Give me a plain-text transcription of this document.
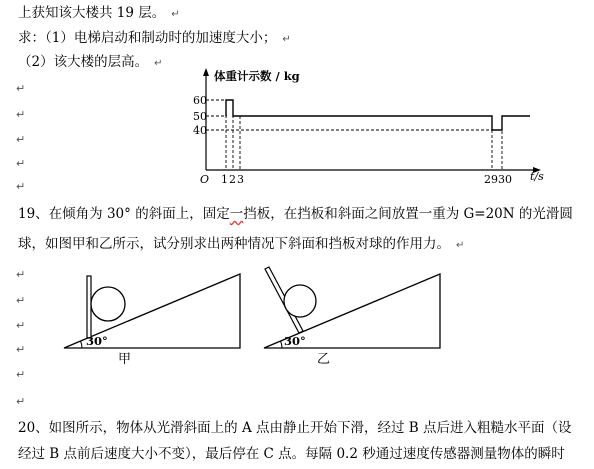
上获知该大楼共 19 层。 ↵
求：（1）电梯启动和制动时的加速度大小； ↵
（2）该大楼的层高。 ↵
↵
↵
↵
↵
↵
体重计示数 / kg
60
50
40
O 1 2 3	29 30 t/s
19、在倾角为 30° 的斜面上，固定一挡板，在挡板和斜面之间放置一重为 G=20N 的光滑圆
球，如图甲和乙所示，试分别求出两种情况下斜面和挡板对球的作用力。 ↵
↵
↵
↵
↵
↵
↵
30°
甲
30°
乙
20、如图所示，物体从光滑斜面上的 A 点由静止开始下滑，经过 B 点后进入粗糙水平面（设
经过 B 点前后速度大小不变），最后停在 C 点。每隔 0.2 秒通过速度传感器测量物体的瞬时
